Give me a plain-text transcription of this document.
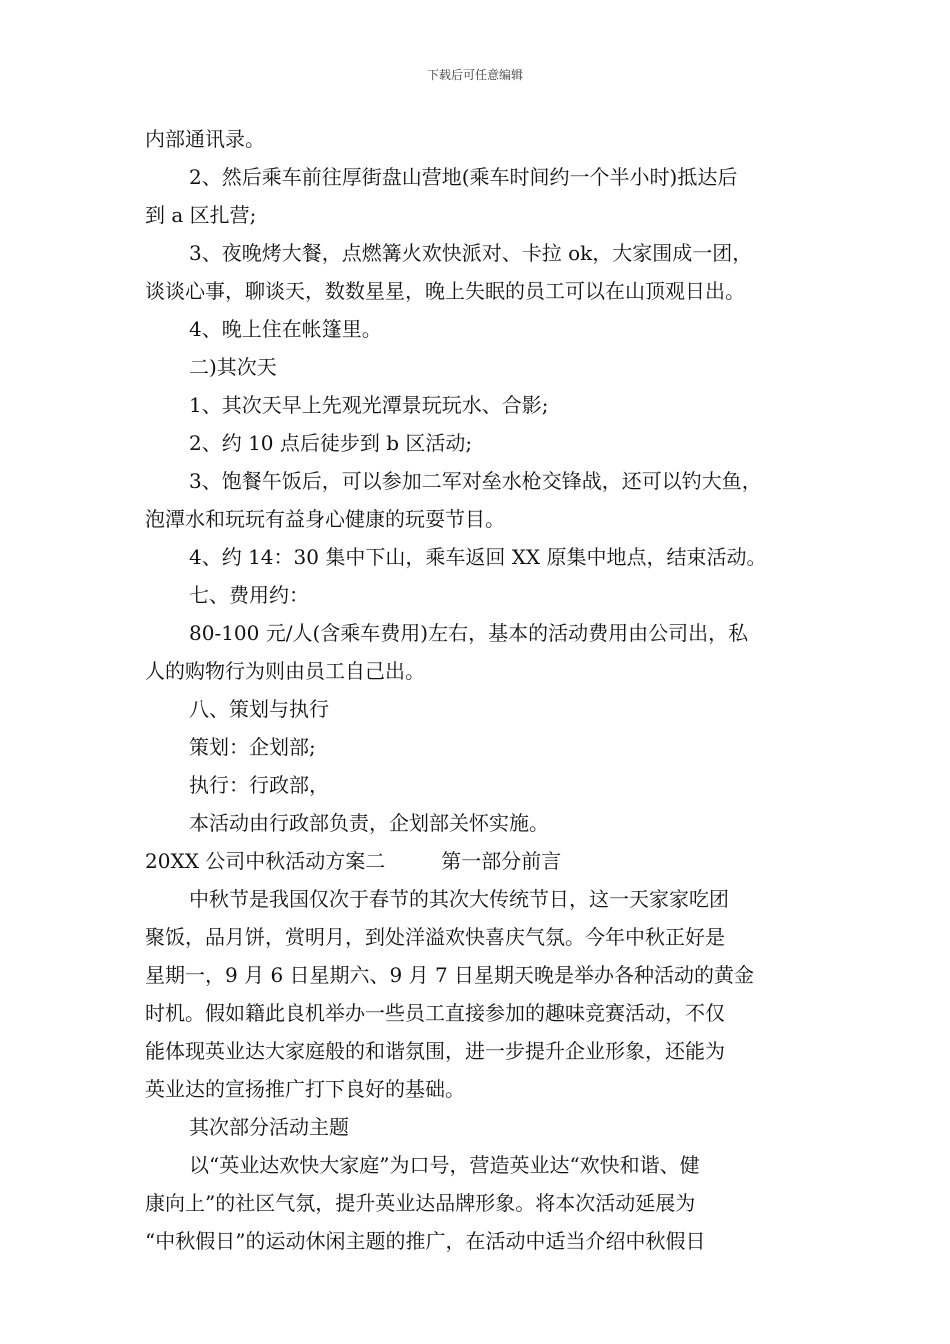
下载后可任意编辑

内部通讯录。

2、然后乘车前往厚街盘山营地(乘车时间约一个半小时)抵达后

到 a 区扎营;

3、夜晚烤大餐，点燃篝火欢快派对、卡拉 ok，大家围成一团，

谈谈心事，聊谈天，数数星星，晚上失眠的员工可以在山顶观日出。

4、晚上住在帐篷里。

二)其次天

1、其次天早上先观光潭景玩玩水、合影;

2、约 10 点后徒步到 b 区活动;

3、饱餐午饭后，可以参加二军对垒水枪交锋战，还可以钓大鱼，

泡潭水和玩玩有益身心健康的玩耍节目。

4、约 14：30 集中下山，乘车返回 XX 原集中地点，结束活动。

七、费用约：

80-100 元/人(含乘车费用)左右，基本的活动费用由公司出，私

人的购物行为则由员工自己出。

八、策划与执行

策划：企划部;

执行：行政部，

本活动由行政部负责，企划部关怀实施。

20XX 公司中秋活动方案二	第一部分前言

中秋节是我国仅次于春节的其次大传统节日，这一天家家吃团

聚饭，品月饼，赏明月，到处洋溢欢快喜庆气氛。今年中秋正好是

星期一，9 月 6 日星期六、9 月 7 日星期天晚是举办各种活动的黄金

时机。假如籍此良机举办一些员工直接参加的趣味竞赛活动，不仅

能体现英业达大家庭般的和谐氛围，进一步提升企业形象，还能为

英业达的宣扬推广打下良好的基础。

其次部分活动主题

以“英业达欢快大家庭”为口号，营造英业达“欢快和谐、健

康向上”的社区气氛，提升英业达品牌形象。将本次活动延展为

“中秋假日”的运动休闲主题的推广，在活动中适当介绍中秋假日
